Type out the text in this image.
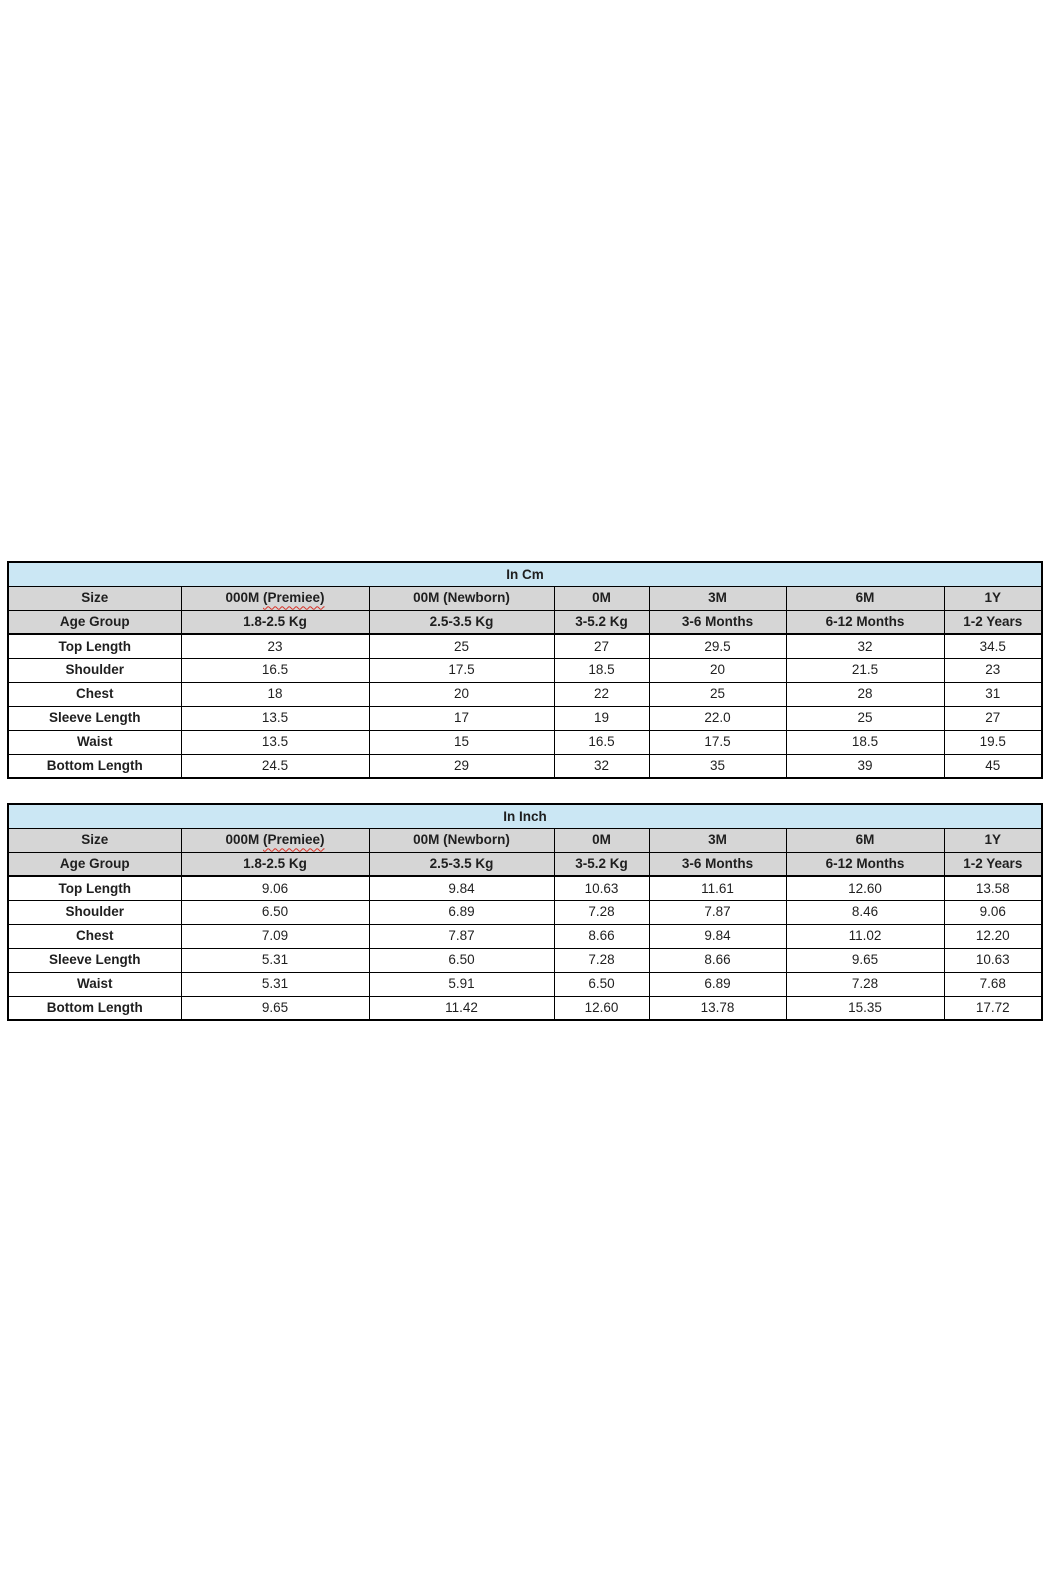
In Cm						
Size	000M (Premiee)	00M (Newborn)	0M	3M	6M	1Y
Age Group	1.8-2.5 Kg	2.5-3.5 Kg	3-5.2 Kg	3-6 Months	6-12 Months	1-2 Years
Top Length	23	25	27	29.5	32	34.5
Shoulder	16.5	17.5	18.5	20	21.5	23
Chest	18	20	22	25	28	31
Sleeve Length	13.5	17	19	22.0	25	27
Waist	13.5	15	16.5	17.5	18.5	19.5
Bottom Length	24.5	29	32	35	39	45
In Inch						
Size	000M (Premiee)	00M (Newborn)	0M	3M	6M	1Y
Age Group	1.8-2.5 Kg	2.5-3.5 Kg	3-5.2 Kg	3-6 Months	6-12 Months	1-2 Years
Top Length	9.06	9.84	10.63	11.61	12.60	13.58
Shoulder	6.50	6.89	7.28	7.87	8.46	9.06
Chest	7.09	7.87	8.66	9.84	11.02	12.20
Sleeve Length	5.31	6.50	7.28	8.66	9.65	10.63
Waist	5.31	5.91	6.50	6.89	7.28	7.68
Bottom Length	9.65	11.42	12.60	13.78	15.35	17.72
